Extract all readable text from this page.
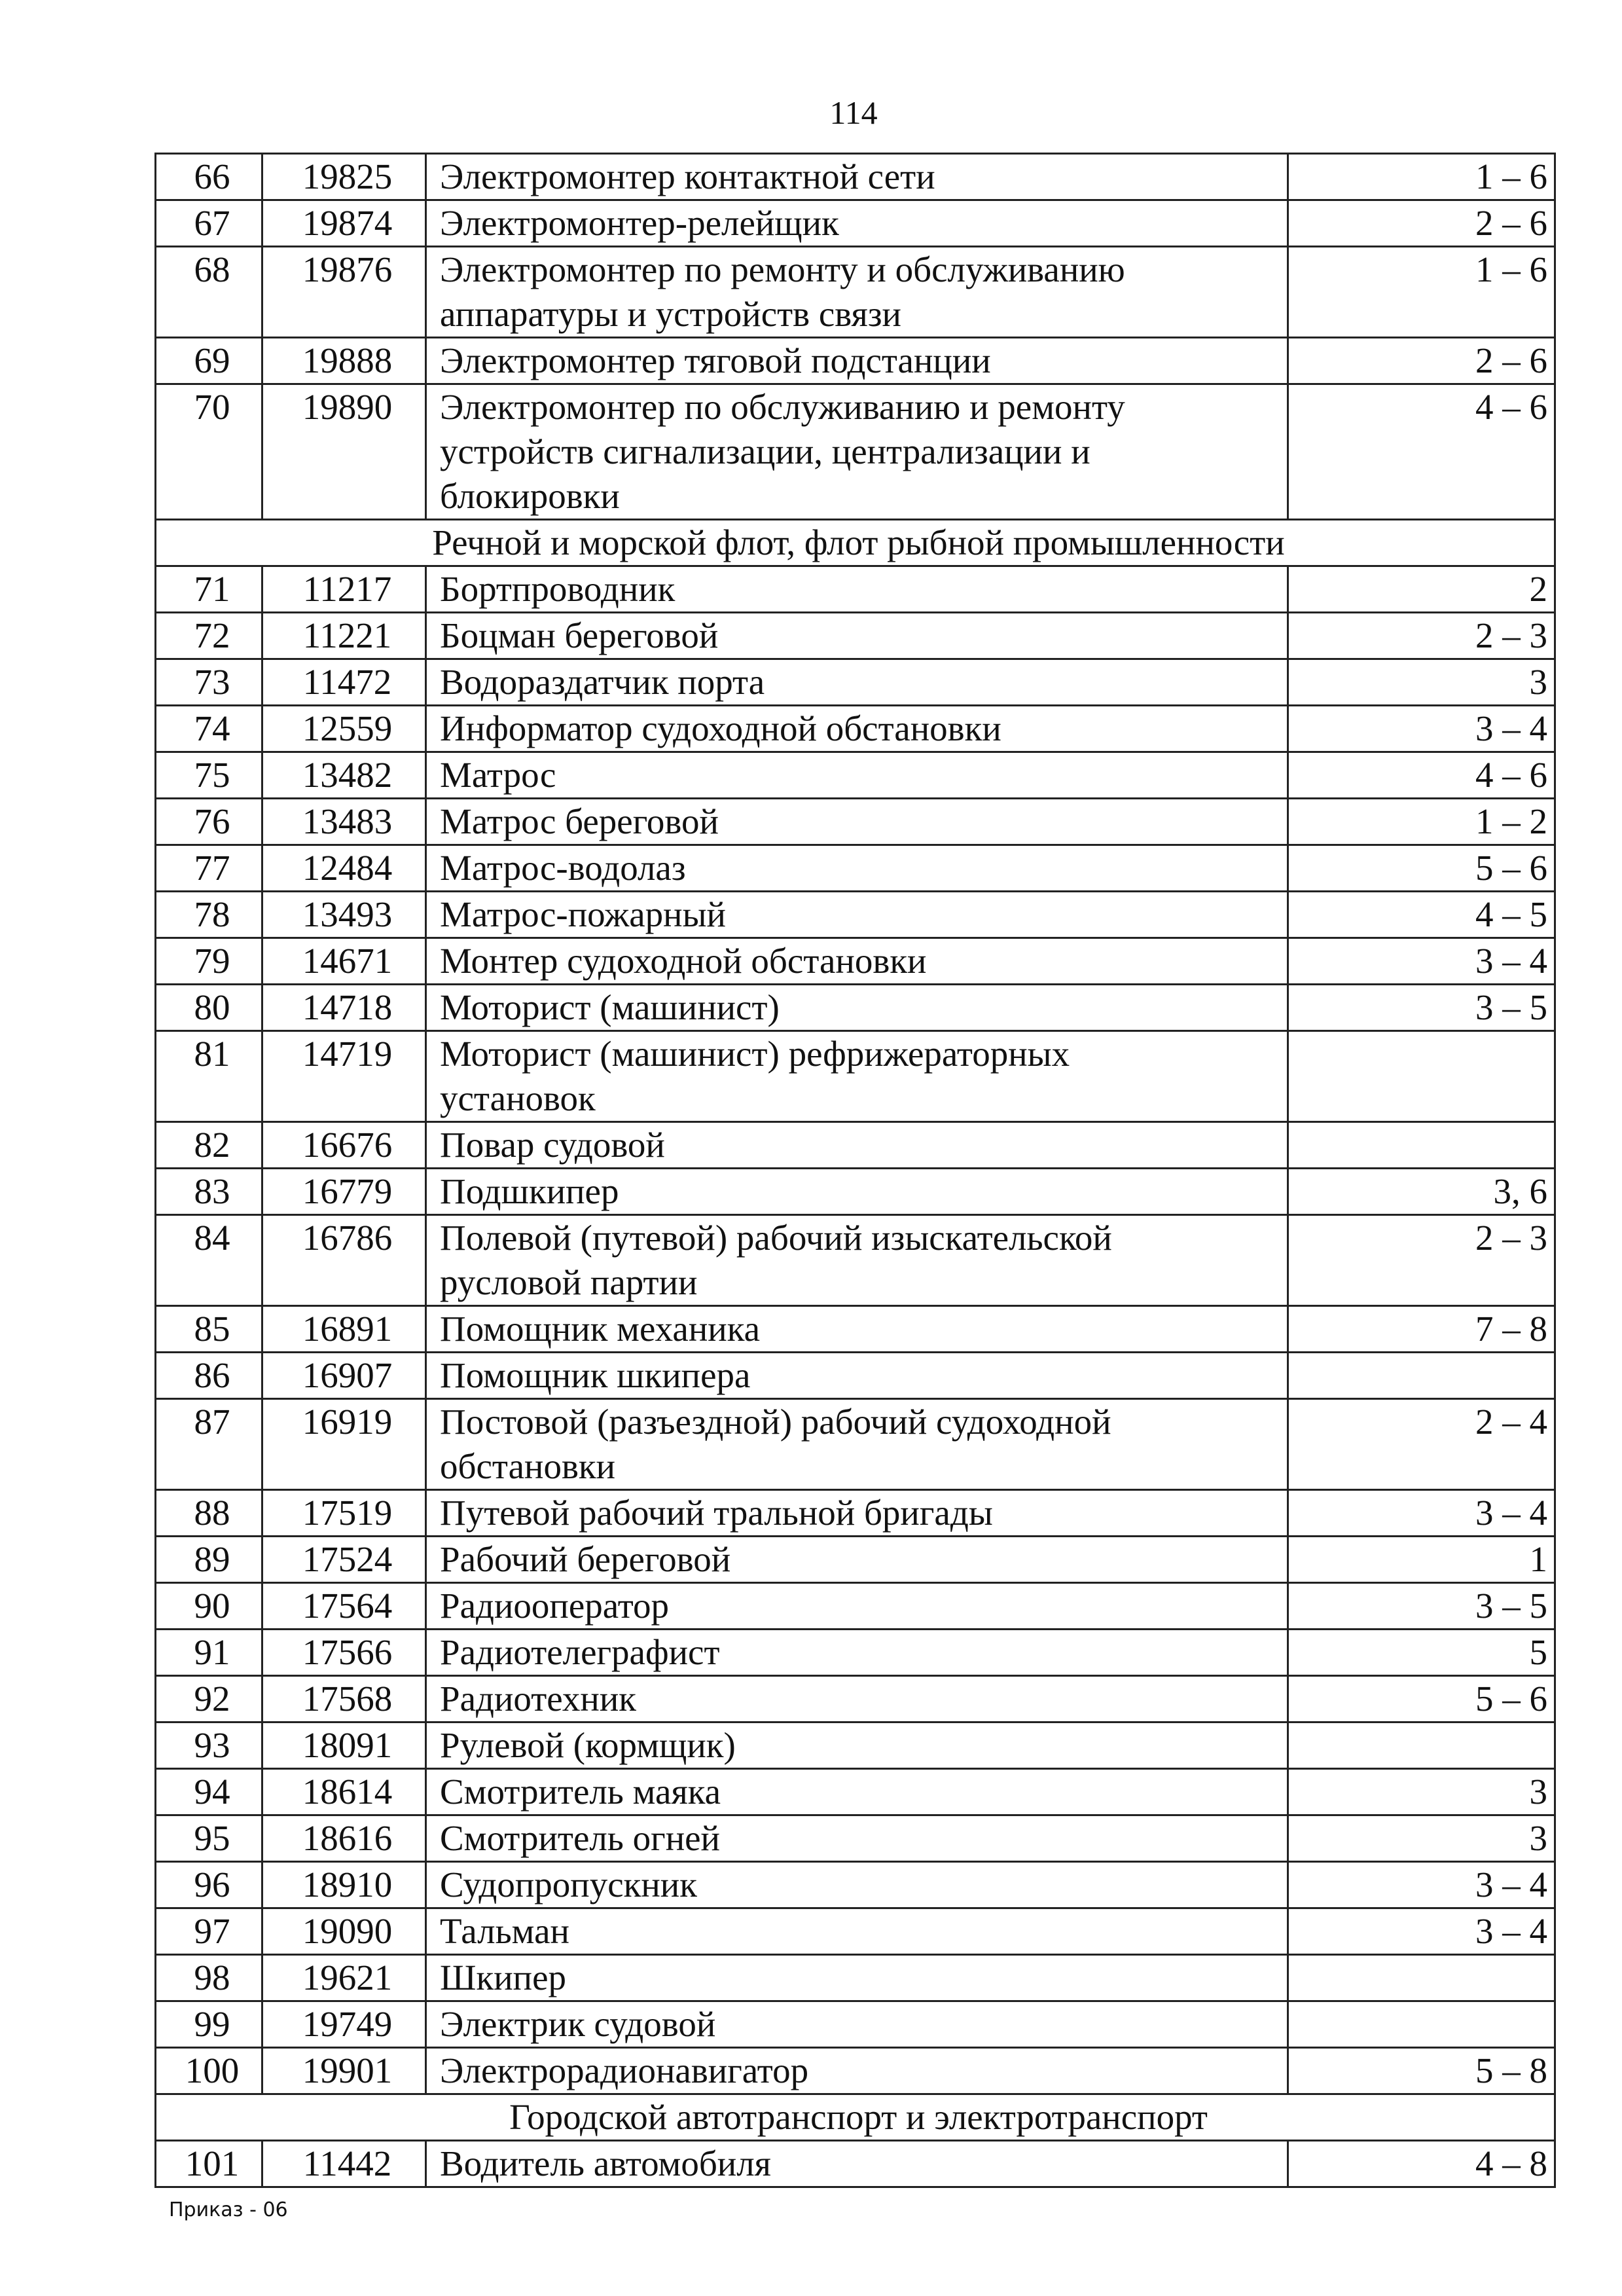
114
66	19825	Электромонтер контактной сети	1 – 6
67	19874	Электромонтер-релейщик	2 – 6
68	19876	Электромонтер по ремонту и обслуживанию
аппаратуры и устройств связи	1 – 6
69	19888	Электромонтер тяговой подстанции	2 – 6
70	19890	Электромонтер по обслуживанию и ремонту
устройств сигнализации, централизации и
блокировки	4 – 6
Речной и морской флот, флот рыбной промышленности			
71	11217	Бортпроводник	2
72	11221	Боцман береговой	2 – 3
73	11472	Водораздатчик порта	3
74	12559	Информатор судоходной обстановки	3 – 4
75	13482	Матрос	4 – 6
76	13483	Матрос береговой	1 – 2
77	12484	Матрос-водолаз	5 – 6
78	13493	Матрос-пожарный	4 – 5
79	14671	Монтер судоходной обстановки	3 – 4
80	14718	Моторист (машинист)	3 – 5
81	14719	Моторист (машинист) рефрижераторных
установок	

82	16676	Повар судовой	

83	16779	Подшкипер	3, 6
84	16786	Полевой (путевой) рабочий изыскательской
русловой партии	2 – 3
85	16891	Помощник механика	7 – 8
86	16907	Помощник шкипера	

87	16919	Постовой (разъездной) рабочий судоходной
обстановки	2 – 4
88	17519	Путевой рабочий тральной бригады	3 – 4
89	17524	Рабочий береговой	1
90	17564	Радиооператор	3 – 5
91	17566	Радиотелеграфист	5
92	17568	Радиотехник	5 – 6
93	18091	Рулевой (кормщик)	

94	18614	Смотритель маяка	3
95	18616	Смотритель огней	3
96	18910	Судопропускник	3 – 4
97	19090	Тальман	3 – 4
98	19621	Шкипер	

99	19749	Электрик судовой	

100	19901	Электрорадионавигатор	5 – 8
Городской автотранспорт и электротранспорт			
101	11442	Водитель автомобиля	4 – 8
Приказ - 06
